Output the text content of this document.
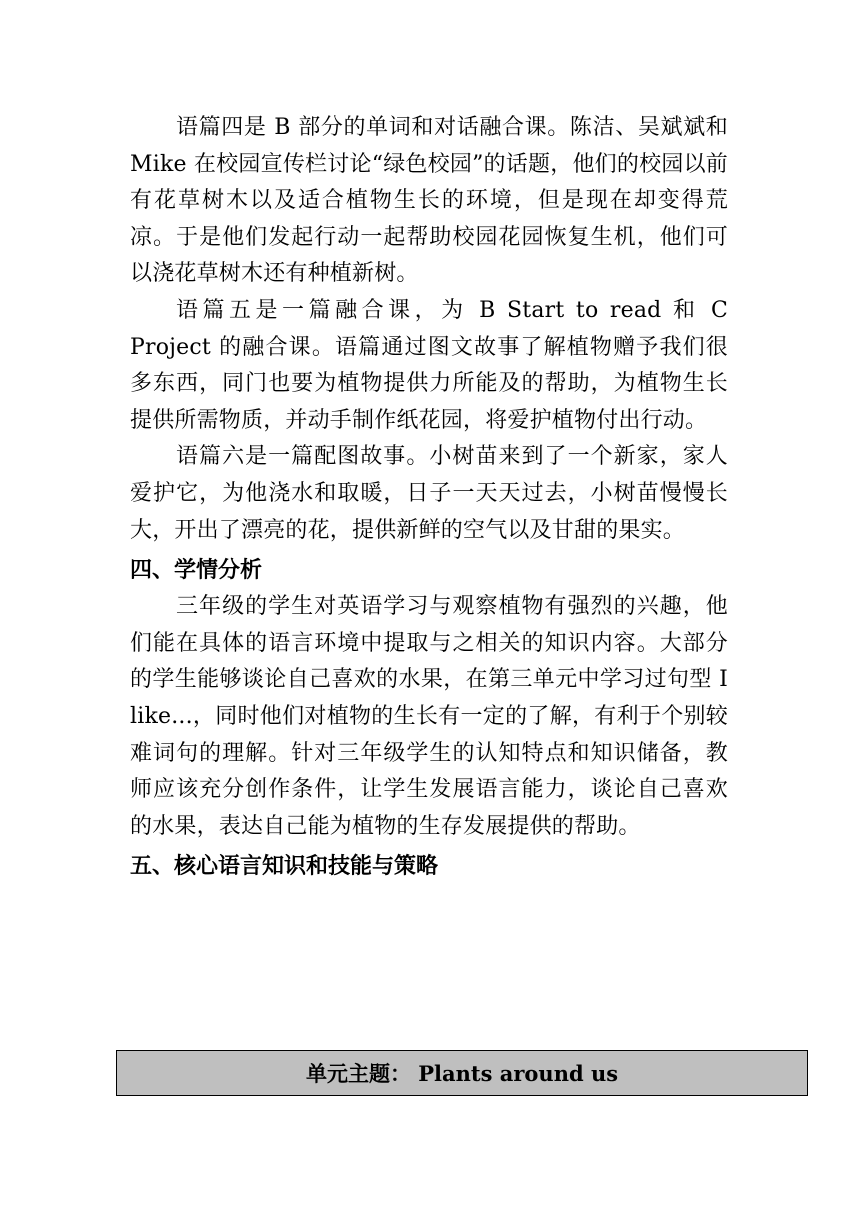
语篇四是 B 部分的单词和对话融合课。陈洁、吴斌斌和 Mike 在校园宣传栏讨论“绿色校园”的话题，他们的校园以前有花草树木以及适合植物生长的环境，但是现在却变得荒凉。于是他们发起行动一起帮助校园花园恢复生机，他们可以浇花草树木还有种植新树。

语篇五是一篇融合课，为 B Start to read 和 C Project 的融合课。语篇通过图文故事了解植物赠予我们很多东西，同门也要为植物提供力所能及的帮助，为植物生长提供所需物质，并动手制作纸花园，将爱护植物付出行动。

语篇六是一篇配图故事。小树苗来到了一个新家，家人爱护它，为他浇水和取暖，日子一天天过去，小树苗慢慢长大，开出了漂亮的花，提供新鲜的空气以及甘甜的果实。

四、学情分析

三年级的学生对英语学习与观察植物有强烈的兴趣，他们能在具体的语言环境中提取与之相关的知识内容。大部分的学生能够谈论自己喜欢的水果，在第三单元中学习过句型 I like...，同时他们对植物的生长有一定的了解，有利于个别较难词句的理解。针对三年级学生的认知特点和知识储备，教师应该充分创作条件，让学生发展语言能力，谈论自己喜欢的水果，表达自己能为植物的生存发展提供的帮助。

五、核心语言知识和技能与策略
单元主题： Plants around us
